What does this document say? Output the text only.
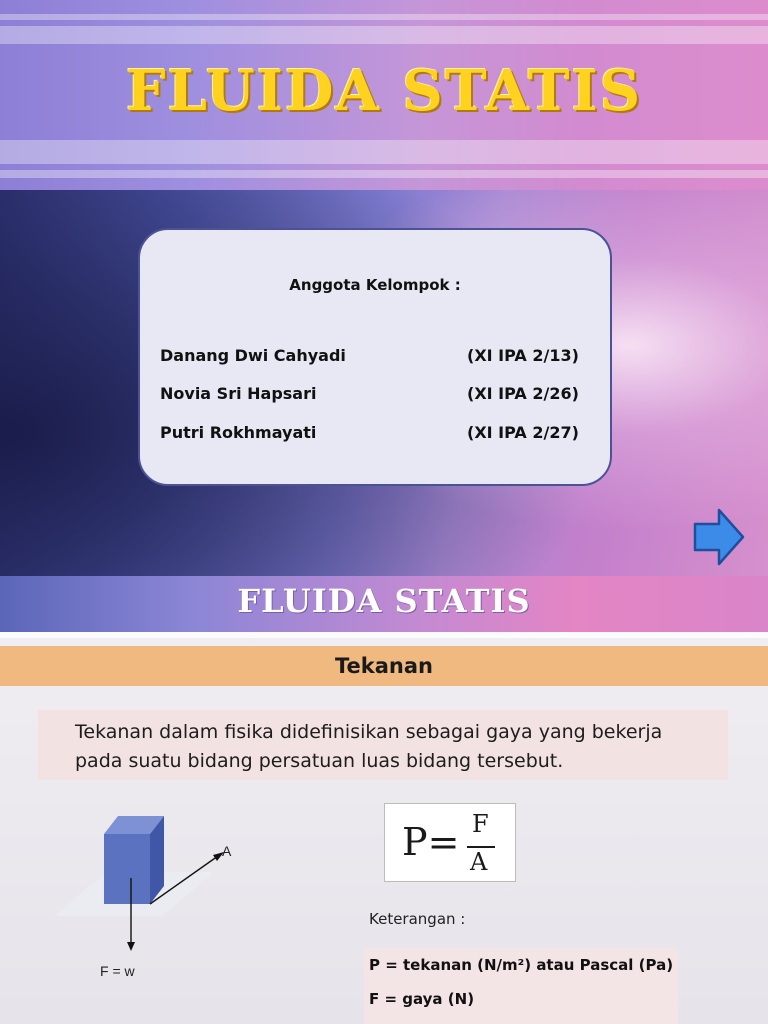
FLUIDA STATIS
Anggota Kelompok :
Danang Dwi Cahyadi	(XI IPA 2/13)
Novia Sri Hapsari	(XI IPA 2/26)
Putri Rokhmayati	(XI IPA 2/27)
FLUIDA STATIS
Tekanan
Tekanan dalam fisika didefinisikan sebagai gaya yang bekerja pada suatu bidang persatuan luas bidang tersebut.
A
F = w
P= F
A
Keterangan :
P = tekanan (N/m²) atau Pascal (Pa)
F = gaya (N)
